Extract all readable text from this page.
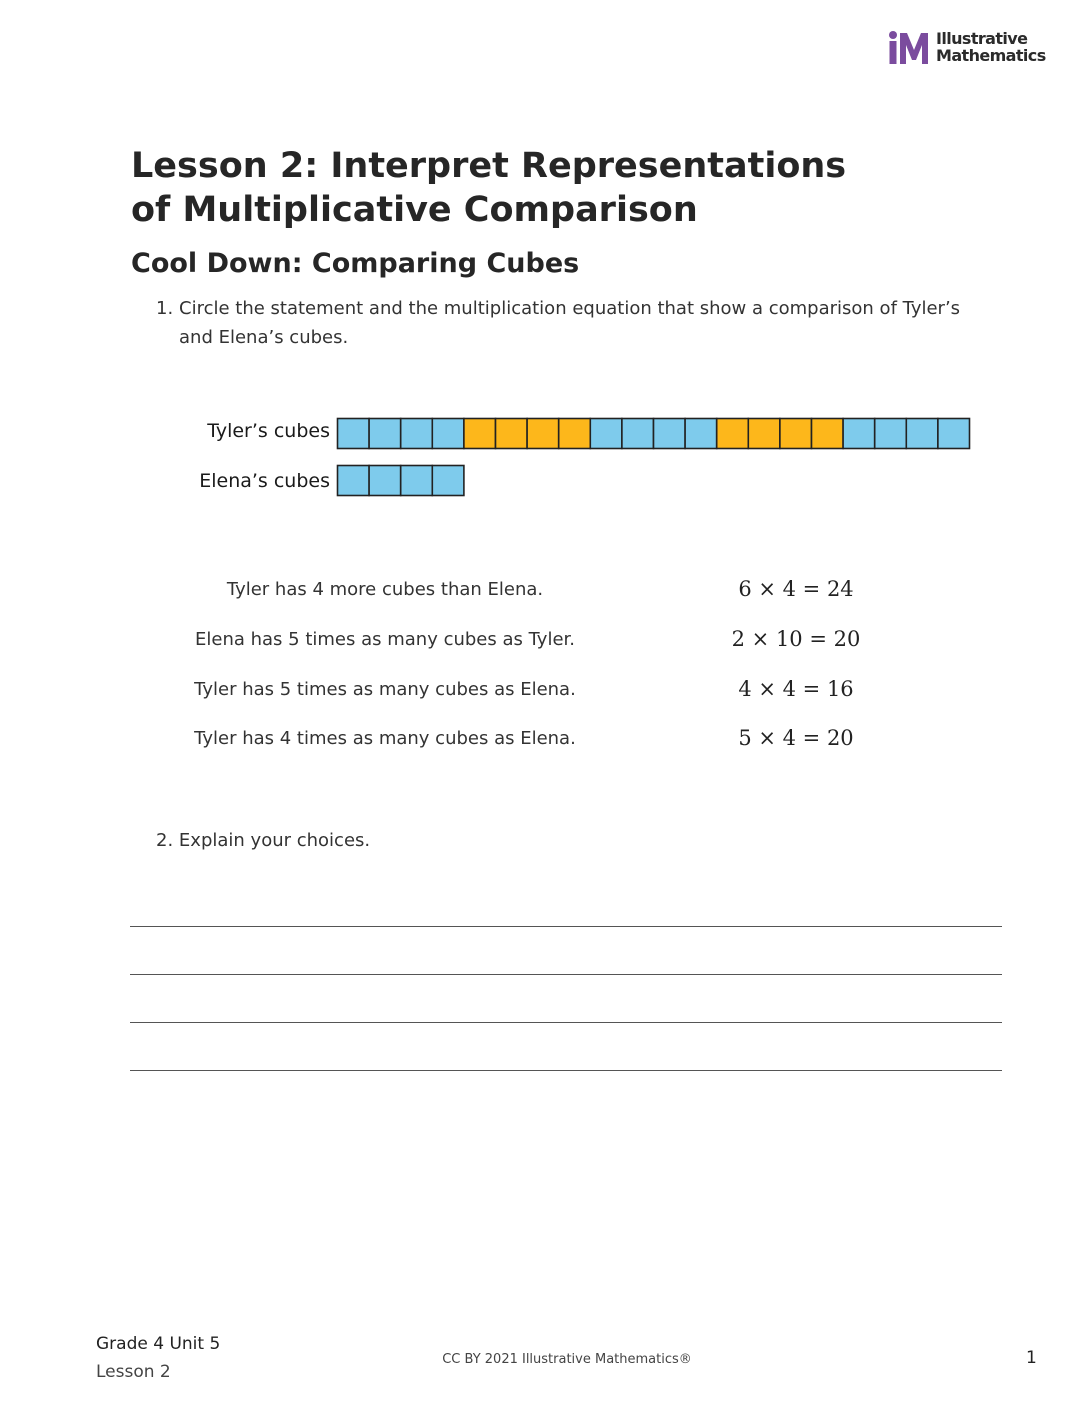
Illustrative
Mathematics
Lesson 2: Interpret Representations of Multiplicative Comparison
Cool Down: Comparing Cubes
1. Circle the statement and the multiplication equation that show a comparison of Tyler’s and Elena’s cubes.
Tyler’s cubes
Elena’s cubes
Tyler has 4 more cubes than Elena.
Elena has 5 times as many cubes as Tyler.
Tyler has 5 times as many cubes as Elena.
Tyler has 4 times as many cubes as Elena.
6 × 4 = 24
2 × 10 = 20
4 × 4 = 16
5 × 4 = 20
2. Explain your choices.
Grade 4 Unit 5
Lesson 2
CC BY 2021 Illustrative Mathematics®	1
